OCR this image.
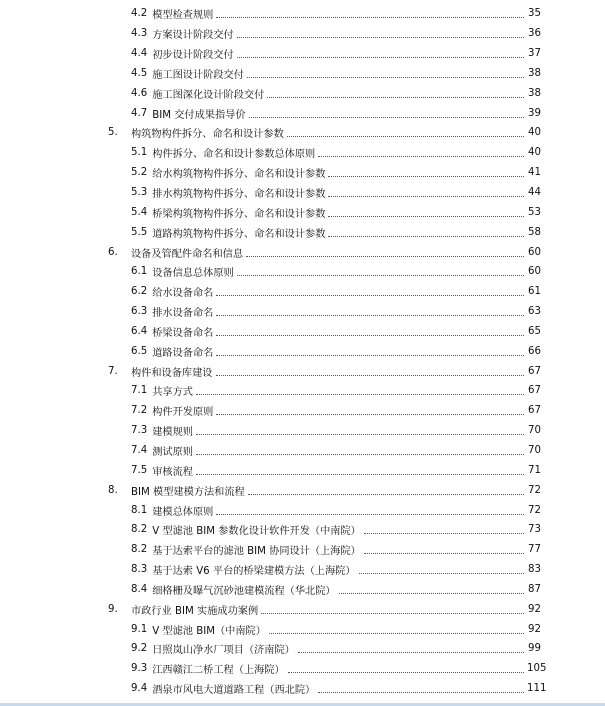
4.2 模型检查规则	35
4.3 方案设计阶段交付	36
4.4 初步设计阶段交付	37
4.5 施工图设计阶段交付	38
4.6 施工图深化设计阶段交付	38
4.7 BIM 交付成果指导价	39
5.	构筑物构件拆分、命名和设计参数	40
5.1 构件拆分、命名和设计参数总体原则	40
5.2 给水构筑物构件拆分、命名和设计参数	41
5.3 排水构筑物构件拆分、命名和设计参数	44
5.4 桥梁构筑物构件拆分、命名和设计参数	53
5.5 道路构筑物构件拆分、命名和设计参数	58
6.	设备及管配件命名和信息	60
6.1 设备信息总体原则	60
6.2 给水设备命名	61
6.3 排水设备命名	63
6.4 桥梁设备命名	65
6.5 道路设备命名	66
7.	构件和设备库建设	67
7.1 共享方式	67
7.2 构件开发原则	67
7.3 建模规则	70
7.4 测试原则	70
7.5 审核流程	71
8.	BIM 模型建模方法和流程	72
8.1 建模总体原则	72
8.2 V 型滤池 BIM 参数化设计软件开发（中南院）	73
8.2 基于达索平台的滤池 BIM 协同设计（上海院）	77
8.3 基于达索 V6 平台的桥梁建模方法（上海院）	83
8.4 细格栅及曝气沉砂池建模流程（华北院）	87
9.	市政行业 BIM 实施成功案例	92
9.1 V 型滤池 BIM（中南院）	92
9.2 日照岚山净水厂项目（济南院）	99
9.3 江西赣江二桥工程（上海院）	105
9.4 酒泉市风电大道道路工程（西北院）	111
